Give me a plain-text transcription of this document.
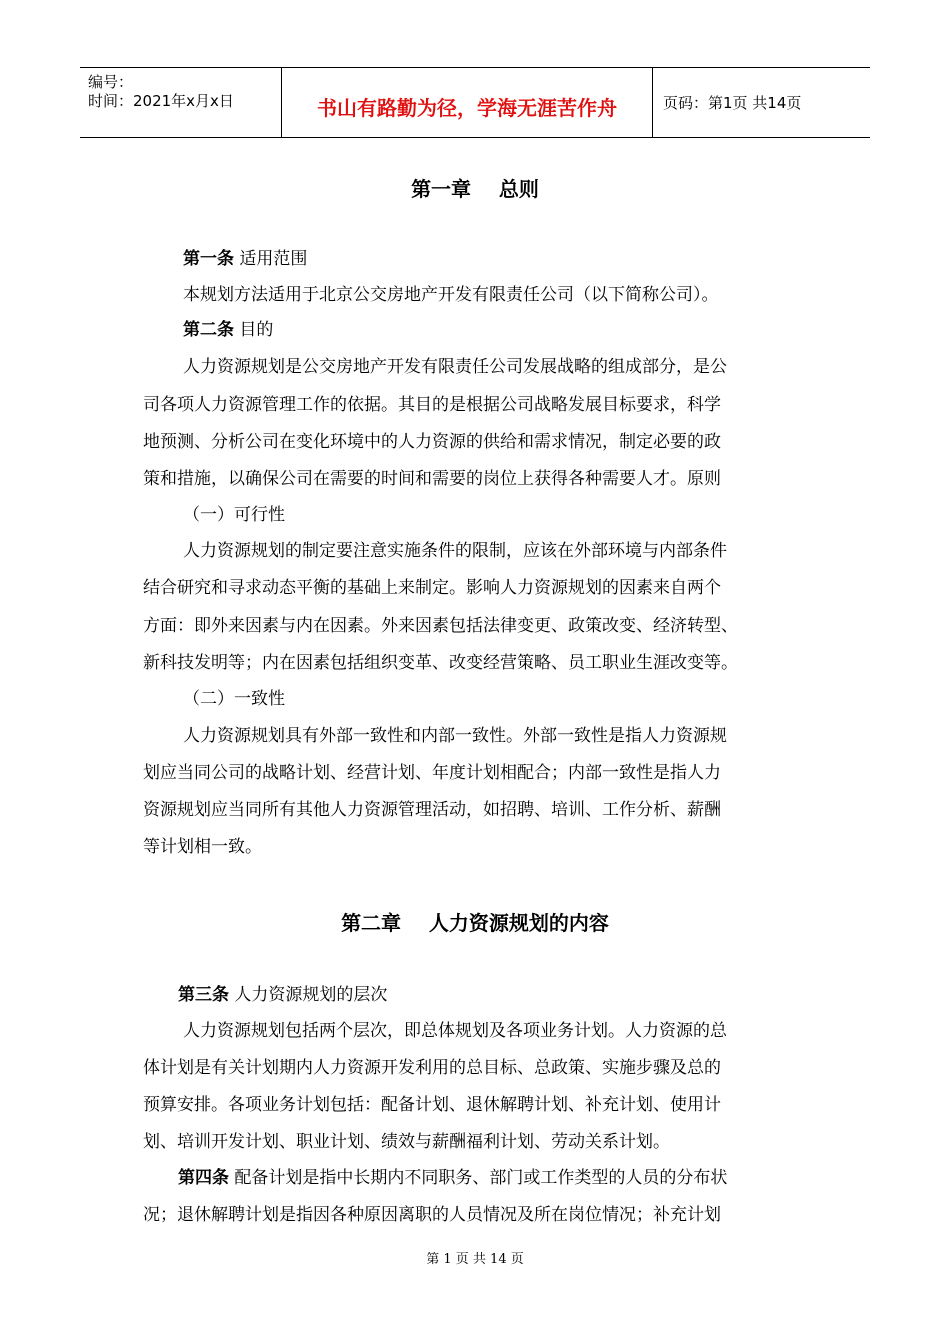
编号：
时间：2021年x月x日	书山有路勤为径，学海无涯苦作舟	页码：第1页 共14页
第一章    总则
第一条 适用范围
本规划方法适用于北京公交房地产开发有限责任公司（以下简称公司）。
第二条 目的
人力资源规划是公交房地产开发有限责任公司发展战略的组成部分，是公
司各项人力资源管理工作的依据。其目的是根据公司战略发展目标要求，科学
地预测、分析公司在变化环境中的人力资源的供给和需求情况，制定必要的政
策和措施，以确保公司在需要的时间和需要的岗位上获得各种需要人才。原则
（一）可行性
人力资源规划的制定要注意实施条件的限制，应该在外部环境与内部条件
结合研究和寻求动态平衡的基础上来制定。影响人力资源规划的因素来自两个
方面：即外来因素与内在因素。外来因素包括法律变更、政策改变、经济转型、
新科技发明等；内在因素包括组织变革、改变经营策略、员工职业生涯改变等。
（二）一致性
人力资源规划具有外部一致性和内部一致性。外部一致性是指人力资源规
划应当同公司的战略计划、经营计划、年度计划相配合；内部一致性是指人力
资源规划应当同所有其他人力资源管理活动，如招聘、培训、工作分析、薪酬
等计划相一致。
第二章    人力资源规划的内容
第三条 人力资源规划的层次
人力资源规划包括两个层次，即总体规划及各项业务计划。人力资源的总
体计划是有关计划期内人力资源开发利用的总目标、总政策、实施步骤及总的
预算安排。各项业务计划包括：配备计划、退休解聘计划、补充计划、使用计
划、培训开发计划、职业计划、绩效与薪酬福利计划、劳动关系计划。
第四条 配备计划是指中长期内不同职务、部门或工作类型的人员的分布状
况；退休解聘计划是指因各种原因离职的人员情况及所在岗位情况；补充计划
第 1 页 共 14 页
